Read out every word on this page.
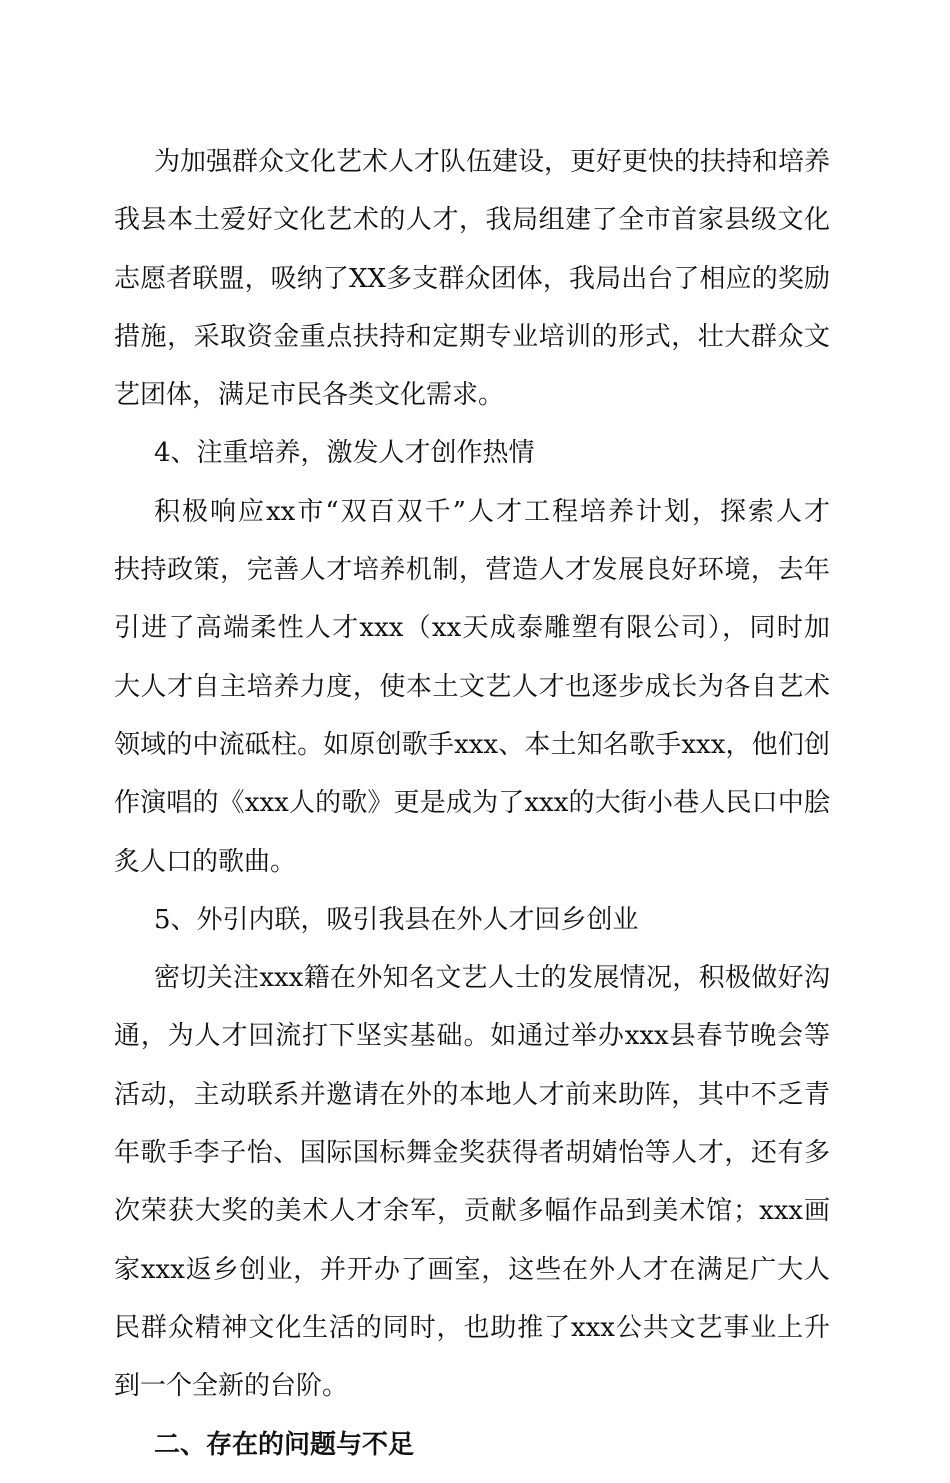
为加强群众文化艺术人才队伍建设，更好更快的扶持和培养
我县本土爱好文化艺术的人才，我局组建了全市首家县级文化
志愿者联盟，吸纳了XX多支群众团体，我局出台了相应的奖励
措施，采取资金重点扶持和定期专业培训的形式，壮大群众文
艺团体，满足市民各类文化需求。
4、注重培养，激发人才创作热情
积极响应xx市“双百双千”人才工程培养计划，探索人才
扶持政策，完善人才培养机制，营造人才发展良好环境，去年
引进了高端柔性人才xxx（xx天成泰雕塑有限公司），同时加
大人才自主培养力度，使本土文艺人才也逐步成长为各自艺术
领域的中流砥柱。如原创歌手xxx、本土知名歌手xxx，他们创
作演唱的《xxx人的歌》更是成为了xxx的大街小巷人民口中脍
炙人口的歌曲。
5、外引内联，吸引我县在外人才回乡创业
密切关注xxx籍在外知名文艺人士的发展情况，积极做好沟
通，为人才回流打下坚实基础。如通过举办xxx县春节晚会等
活动，主动联系并邀请在外的本地人才前来助阵，其中不乏青
年歌手李子怡、国际国标舞金奖获得者胡婧怡等人才，还有多
次荣获大奖的美术人才余军，贡献多幅作品到美术馆；xxx画
家xxx返乡创业，并开办了画室，这些在外人才在满足广大人
民群众精神文化生活的同时，也助推了xxx公共文艺事业上升
到一个全新的台阶。
二、存在的问题与不足
